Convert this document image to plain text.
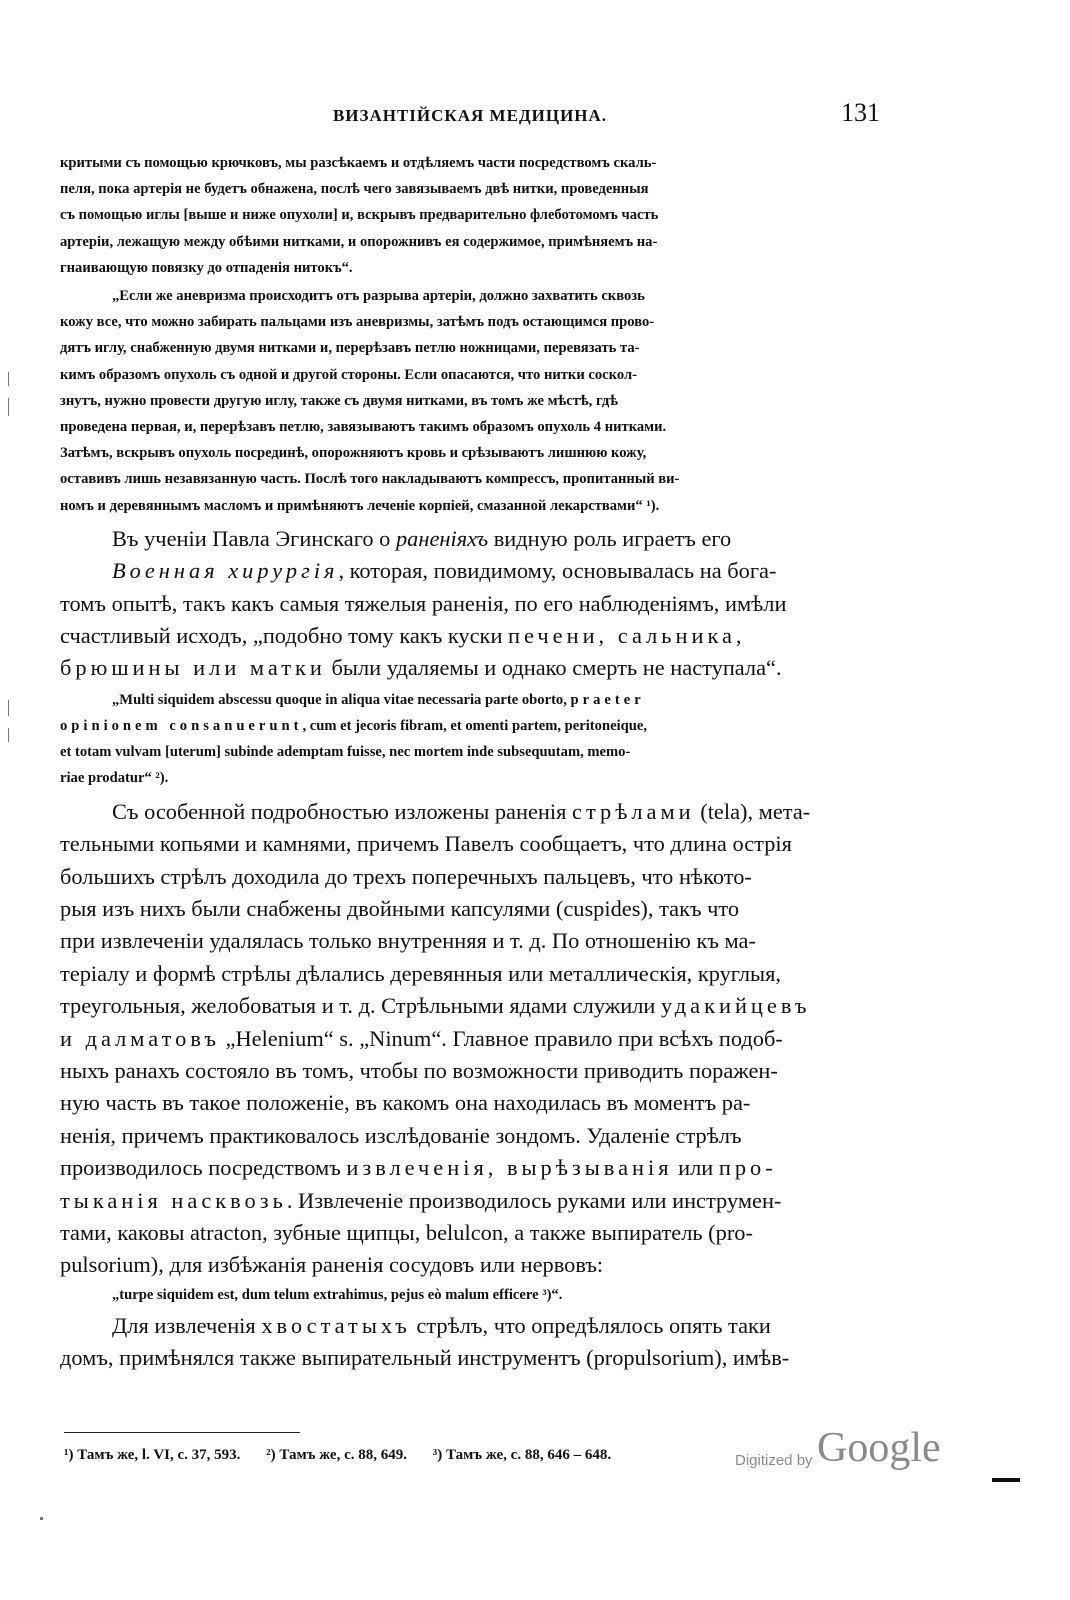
ВИЗАНТІЙСКАЯ МЕДИЦИНА.	131

критыми съ помощью крючковъ, мы разсѣкаемъ и отдѣляемъ части посредствомъ скаль-

пеля, пока артерія не будетъ обнажена, послѣ чего завязываемъ двѣ нитки, проведенныя

съ помощью иглы [выше и ниже опухоли] и, вскрывъ предварительно флеботомомъ часть

артеріи, лежащую между обѣими нитками, и опорожнивъ ея содержимое, примѣняемъ на-

гнаивающую повязку до отпаденія нитокъ“.

„Если же аневризма происходитъ отъ разрыва артеріи, должно захватить сквозь

кожу все, что можно забирать пальцами изъ аневризмы, затѣмъ подъ остающимся прово-

дятъ иглу, снабженную двумя нитками и, перерѣзавъ петлю ножницами, перевязать та-

кимъ образомъ опухоль съ одной и другой стороны. Если опасаются, что нитки соскол-

знутъ, нужно провести другую иглу, также съ двумя нитками, въ томъ же мѣстѣ, гдѣ

проведена первая, и, перерѣзавъ петлю, завязываютъ такимъ образомъ опухоль 4 нитками.

Затѣмъ, вскрывъ опухоль посрединѣ, опорожняютъ кровь и срѣзываютъ лишнюю кожу,

оставивъ лишь незавязанную часть. Послѣ того накладываютъ компрессъ, пропитанный ви-

номъ и деревяннымъ масломъ и примѣняютъ леченіе корпіей, смазанной лекарствами“ ¹).

Въ ученіи Павла Эгинскаго о раненіяхъ видную роль играетъ его

Военная хирургія, которая, повидимому, основывалась на бога-

томъ опытѣ, такъ какъ самыя тяжелыя раненія, по его наблюденіямъ, имѣли

счастливый исходъ, „подобно тому какъ куски печени, сальника,

брюшины или матки были удаляемы и однако смерть не наступала“.

„Multi siquidem abscessu quoque in aliqua vitae necessaria parte oborto, praeter

opinionem consanuerunt, cum et jecoris fibram, et omenti partem, peritoneique,

et totam vulvam [uterum] subinde ademptam fuisse, nec mortem inde subsequutam, memo-

riae prodatur“ ²).

Съ особенной подробностью изложены раненія стрѣлами (tela), мета-

тельными копьями и камнями, причемъ Павелъ сообщаетъ, что длина острія

большихъ стрѣлъ доходила до трехъ поперечныхъ пальцевъ, что нѣкото-

рыя изъ нихъ были снабжены двойными капсулями (cuspides), такъ что

при извлеченіи удалялась только внутренняя и т. д. По отношенію къ ма-

теріалу и формѣ стрѣлы дѣлались деревянныя или металлическія, круглыя,

треугольныя, желобоватыя и т. д. Стрѣльными ядами служили удакийцевъ

и далматовъ „Helenium“ s. „Ninum“. Главное правило при всѣхъ подоб-

ныхъ ранахъ состояло въ томъ, чтобы по возможности приводить поражен-

ную часть въ такое положеніе, въ какомъ она находилась въ моментъ ра-

ненія, причемъ практиковалось изслѣдованіе зондомъ. Удаленіе стрѣлъ

производилось посредствомъ извлеченія, вырѣзыванія или про-

тыканія насквозь. Извлеченіе производилось руками или инструмен-

тами, каковы atracton, зубные щипцы, belulcon, а также выпиратель (pro-

pulsorium), для избѣжанія раненія сосудовъ или нервовъ:

„turpe siquidem est, dum telum extrahimus, pejus eò malum efficere ³)“.

Для извлеченія хвостатыхъ стрѣлъ, что опредѣлялось опять таки

домъ, примѣнялся также выпирательный инструментъ (propulsorium), имѣв-

¹) Тамъ же, l. VI, c. 37, 593. ²) Тамъ же, c. 88, 649. ³) Тамъ же, c. 88, 646 – 648.	Digitized by Google
